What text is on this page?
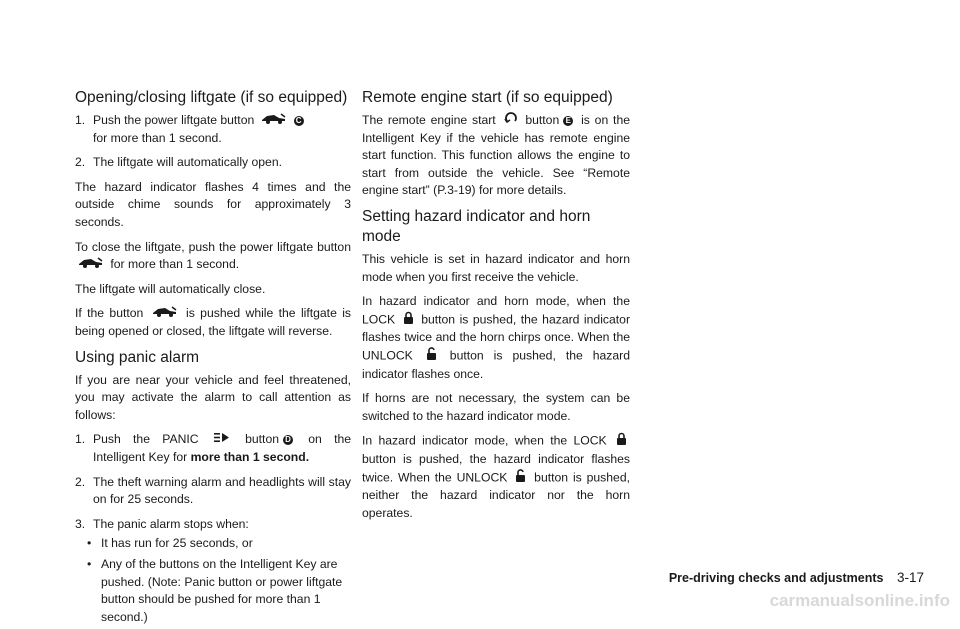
Opening/closing liftgate (if so equipped)
1. Push the power liftgate button	C
for more than 1 second.
2. The liftgate will automatically open.

The hazard indicator flashes 4 times and the outside chime sounds for approximately 3 seconds.

To close the liftgate, push the power liftgate button  for more than 1 second.

The liftgate will automatically close.

If the button	is pushed while the liftgate is being opened or closed, the liftgate will reverse.

Using panic alarm

If you are near your vehicle and feel threatened, you may activate the alarm to call attention as follows:

1. Push the PANIC	button D on the Intelligent Key for more than 1 second.
2. The theft warning alarm and headlights will stay on for 25 seconds.
3. The panic alarm stops when:
• It has run for 25 seconds, or
• Any of the buttons on the Intelligent Key are pushed. (Note: Panic button or power liftgate button should be pushed for more than 1 second.)
Remote engine start (if so equipped)

The remote engine start button E is on the Intelligent Key if the vehicle has remote engine start function. This function allows the engine to start from outside the vehicle. See “Remote engine start” (P.3-19) for more details.

Setting hazard indicator and horn mode

This vehicle is set in hazard indicator and horn mode when you first receive the vehicle.

In hazard indicator and horn mode, when the LOCK button is pushed, the hazard indicator flashes twice and the horn chirps once. When the UNLOCK	button is pushed, the hazard indicator flashes once.

If horns are not necessary, the system can be switched to the hazard indicator mode.

In hazard indicator mode, when the LOCK  button is pushed, the hazard indicator flashes twice. When the UNLOCK button is pushed, neither the hazard indicator nor the horn operates.

Pre-driving checks and adjustments 3-17
carmanualsonline.info
